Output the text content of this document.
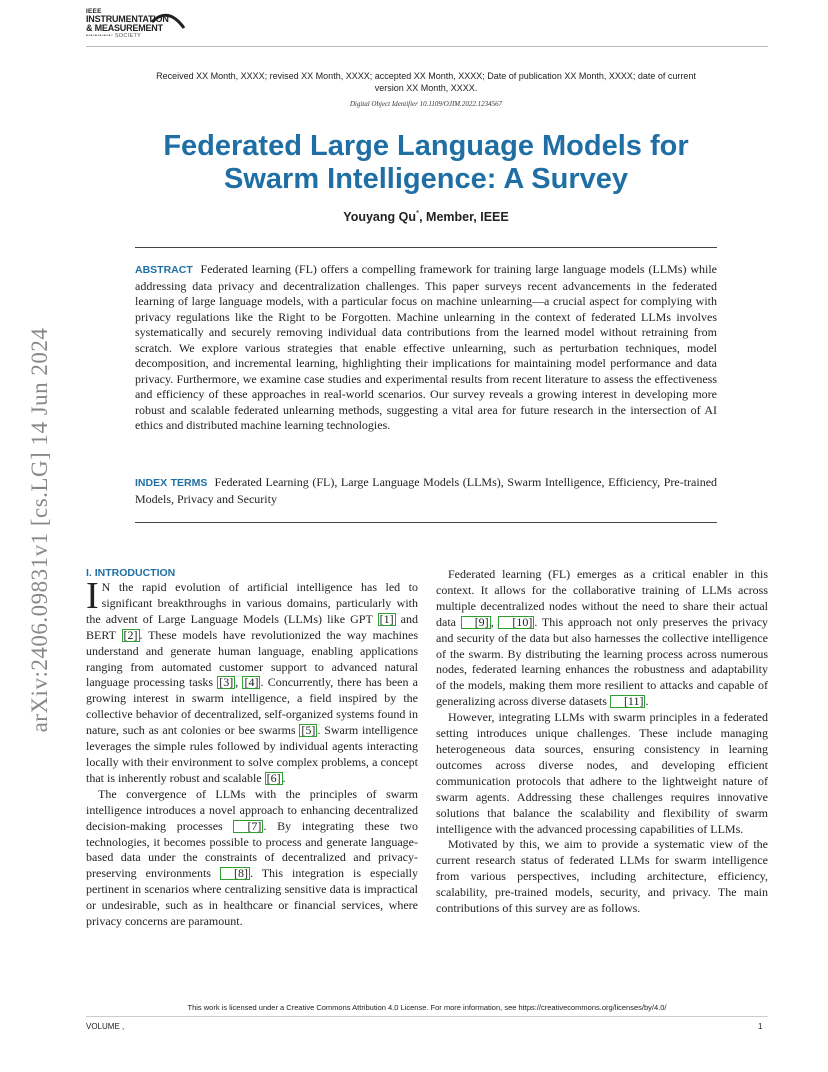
IEEE
INSTRUMENTATION
& MEASUREMENT
▪▫▪▫▪▫▪▫▪▫▪▫ SOCIETY
Received XX Month, XXXX; revised XX Month, XXXX; accepted XX Month, XXXX; Date of publication XX Month, XXXX; date of current version XX Month, XXXX.
Digital Object Identifier 10.1109/OJIM.2022.1234567
Federated Large Language Models for
Swarm Intelligence: A Survey
Youyang Qu*, Member, IEEE
ABSTRACT Federated learning (FL) offers a compelling framework for training large language models (LLMs) while addressing data privacy and decentralization challenges. This paper surveys recent advancements in the federated learning of large language models, with a particular focus on machine unlearning—a crucial aspect for complying with privacy regulations like the Right to be Forgotten. Machine unlearning in the context of federated LLMs involves systematically and securely removing individual data contributions from the learned model without retraining from scratch. We explore various strategies that enable effective unlearning, such as perturbation techniques, model decomposition, and incremental learning, highlighting their implications for maintaining model performance and data privacy. Furthermore, we examine case studies and experimental results from recent literature to assess the effectiveness and efficiency of these approaches in real-world scenarios. Our survey reveals a growing interest in developing more robust and scalable federated unlearning methods, suggesting a vital area for future research in the intersection of AI ethics and distributed machine learning technologies.
INDEX TERMS Federated Learning (FL), Large Language Models (LLMs), Swarm Intelligence, Efficiency, Pre-trained Models, Privacy and Security
arXiv:2406.09831v1 [cs.LG] 14 Jun 2024	I. INTRODUCTION

I N the rapid evolution of artificial intelligence has led to significant breakthroughs in various domains, particularly with the advent of Large Language Models (LLMs) like GPT [1] and BERT [2] . These models have revolutionized the way machines understand and generate human language, enabling applications ranging from automated customer support to advanced natural language processing tasks [3] , [4] . Concurrently, there has been a growing interest in swarm intelligence, a field inspired by the collective behavior of decentralized, self-organized systems found in nature, such as ant colonies or bee swarms [5] . Swarm intelligence leverages the simple rules followed by individual agents interacting locally with their environment to solve complex problems, a concept that is inherently robust and scalable [6] .

The convergence of LLMs with the principles of swarm intelligence introduces a novel approach to enhancing decentralized decision-making processes [7] . By integrating these two technologies, it becomes possible to process and generate language-based data under the constraints of decentralized and privacy-preserving environments [8] . This integration is especially pertinent in scenarios where centralizing sensitive data is impractical or undesirable, such as in healthcare or financial services, where privacy concerns are paramount.

Federated learning (FL) emerges as a critical enabler in this context. It allows for the collaborative training of LLMs across multiple decentralized nodes without the need to share their actual data [9] , [10] . This approach not only preserves the privacy and security of the data but also harnesses the collective intelligence of the swarm. By distributing the learning process across numerous nodes, federated learning enhances the robustness and adaptability of the models, making them more resilient to attacks and capable of generalizing across diverse datasets [11] .

However, integrating LLMs with swarm principles in a federated setting introduces unique challenges. These include managing heterogeneous data sources, ensuring consistency in learning outcomes across diverse nodes, and developing efficient communication protocols that adhere to the lightweight nature of swarm agents. Addressing these challenges requires innovative solutions that balance the scalability and flexibility of swarm intelligence with the advanced processing capabilities of LLMs.

Motivated by this, we aim to provide a systematic view of the current research status of federated LLMs for swarm intelligence from various perspectives, including architecture, efficiency, scalability, pre-trained models, security, and privacy. The main contributions of this survey are as follows.

This work is licensed under a Creative Commons Attribution 4.0 License. For more information, see https://creativecommons.org/licenses/by/4.0/
VOLUME ,	1
